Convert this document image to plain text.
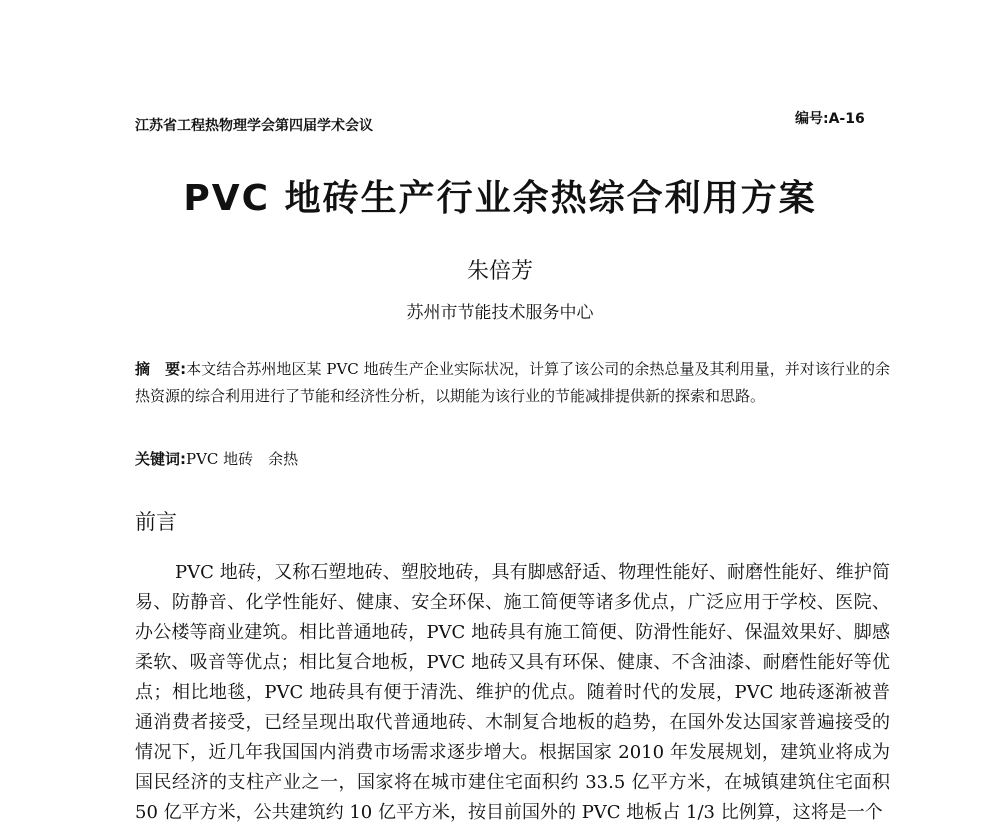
江苏省工程热物理学会第四届学术会议	编号:A-16
PVC 地砖生产行业余热综合利用方案
朱倍芳
苏州市节能技术服务中心
摘　要:本文结合苏州地区某 PVC 地砖生产企业实际状况，计算了该公司的余热总量及其利用量，并对该行业的余热资源的综合利用进行了节能和经济性分析，以期能为该行业的节能减排提供新的探索和思路。
关键词:PVC 地砖　余热
前言
PVC 地砖，又称石塑地砖、塑胶地砖，具有脚感舒适、物理性能好、耐磨性能好、维护简易、防静音、化学性能好、健康、安全环保、施工简便等诸多优点，广泛应用于学校、医院、办公楼等商业建筑。相比普通地砖，PVC 地砖具有施工简便、防滑性能好、保温效果好、脚感柔软、吸音等优点；相比复合地板，PVC 地砖又具有环保、健康、不含油漆、耐磨性能好等优点；相比地毯，PVC 地砖具有便于清洗、维护的优点。随着时代的发展，PVC 地砖逐渐被普通消费者接受，已经呈现出取代普通地砖、木制复合地板的趋势，在国外发达国家普遍接受的情况下，近几年我国国内消费市场需求逐步增大。根据国家 2010 年发展规划，建筑业将成为国民经济的支柱产业之一，国家将在城市建住宅面积约 33.5 亿平方米，在城镇建筑住宅面积 50 亿平方米，公共建筑约 10 亿平方米，按目前国外的 PVC 地板占 1/3 比例算，这将是一个
